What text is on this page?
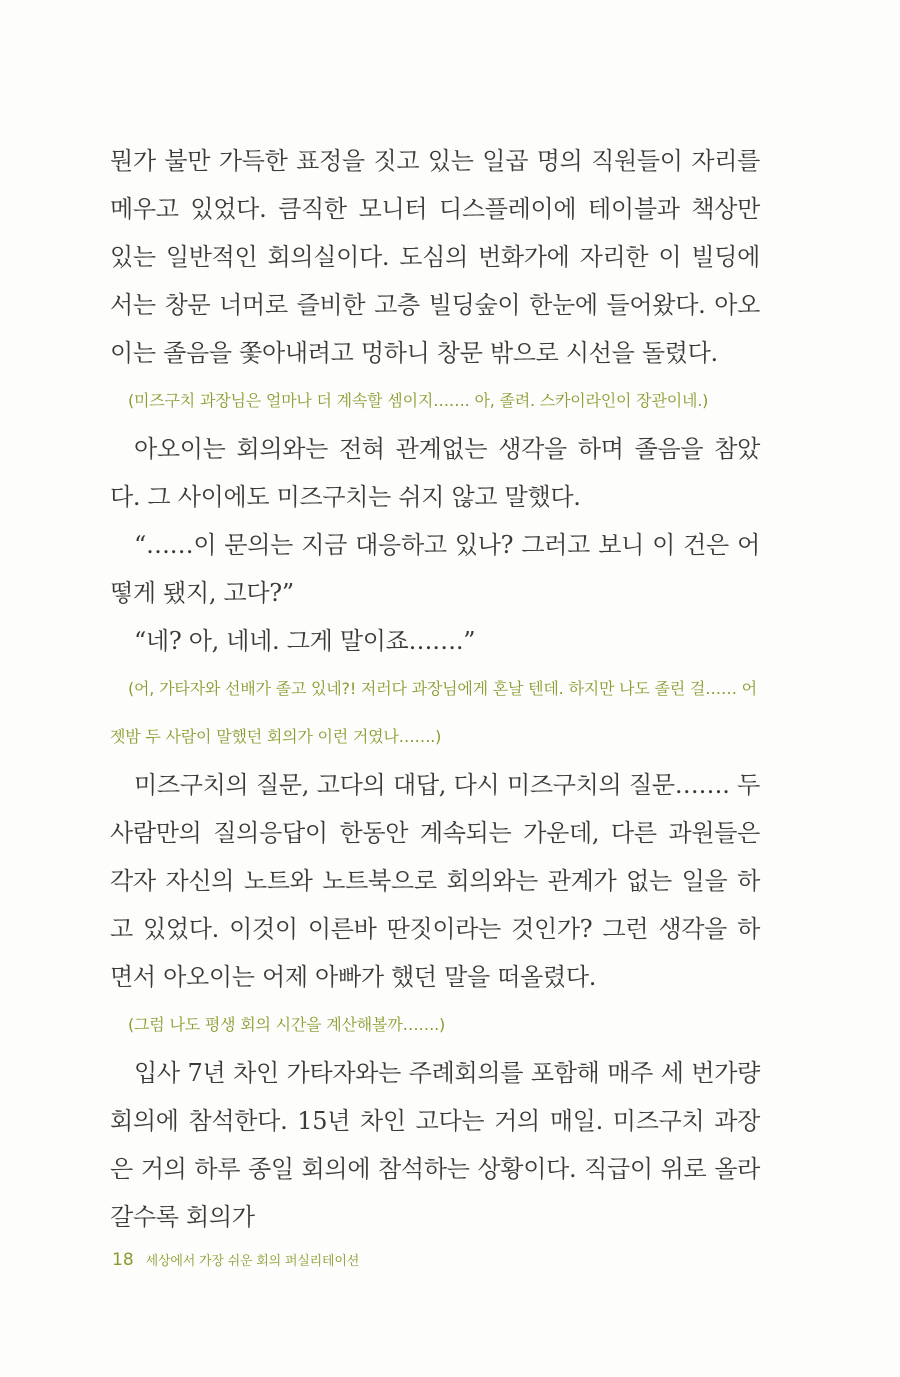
뭔가 불만 가득한 표정을 짓고 있는 일곱 명의 직원들이 자리를 메우고 있었다. 큼직한 모니터 디스플레이에 테이블과 책상만 있는 일반적인 회의실이다. 도심의 번화가에 자리한 이 빌딩에서는 창문 너머로 즐비한 고층 빌딩숲이 한눈에 들어왔다. 아오이는 졸음을 쫓아내려고 멍하니 창문 밖으로 시선을 돌렸다.

(미즈구치 과장님은 얼마나 더 계속할 셈이지……. 아, 졸려. 스카이라인이 장관이네.)

아오이는 회의와는 전혀 관계없는 생각을 하며 졸음을 참았다. 그 사이에도 미즈구치는 쉬지 않고 말했다.

“……이 문의는 지금 대응하고 있나? 그러고 보니 이 건은 어떻게 됐지, 고다?”

“네? 아, 네네. 그게 말이죠…….”

(어, 가타자와 선배가 졸고 있네?! 저러다 과장님에게 혼날 텐데. 하지만 나도 졸린 걸…… 어젯밤 두 사람이 말했던 회의가 이런 거였나…….)

미즈구치의 질문, 고다의 대답, 다시 미즈구치의 질문……. 두 사람만의 질의응답이 한동안 계속되는 가운데, 다른 과원들은 각자 자신의 노트와 노트북으로 회의와는 관계가 없는 일을 하고 있었다. 이것이 이른바 딴짓이라는 것인가? 그런 생각을 하면서 아오이는 어제 아빠가 했던 말을 떠올렸다.

(그럼 나도 평생 회의 시간을 계산해볼까…….)

입사 7년 차인 가타자와는 주례회의를 포함해 매주 세 번가량 회의에 참석한다. 15년 차인 고다는 거의 매일. 미즈구치 과장은 거의 하루 종일 회의에 참석하는 상황이다. 직급이 위로 올라갈수록 회의가

18 세상에서 가장 쉬운 회의 퍼실리테이션
